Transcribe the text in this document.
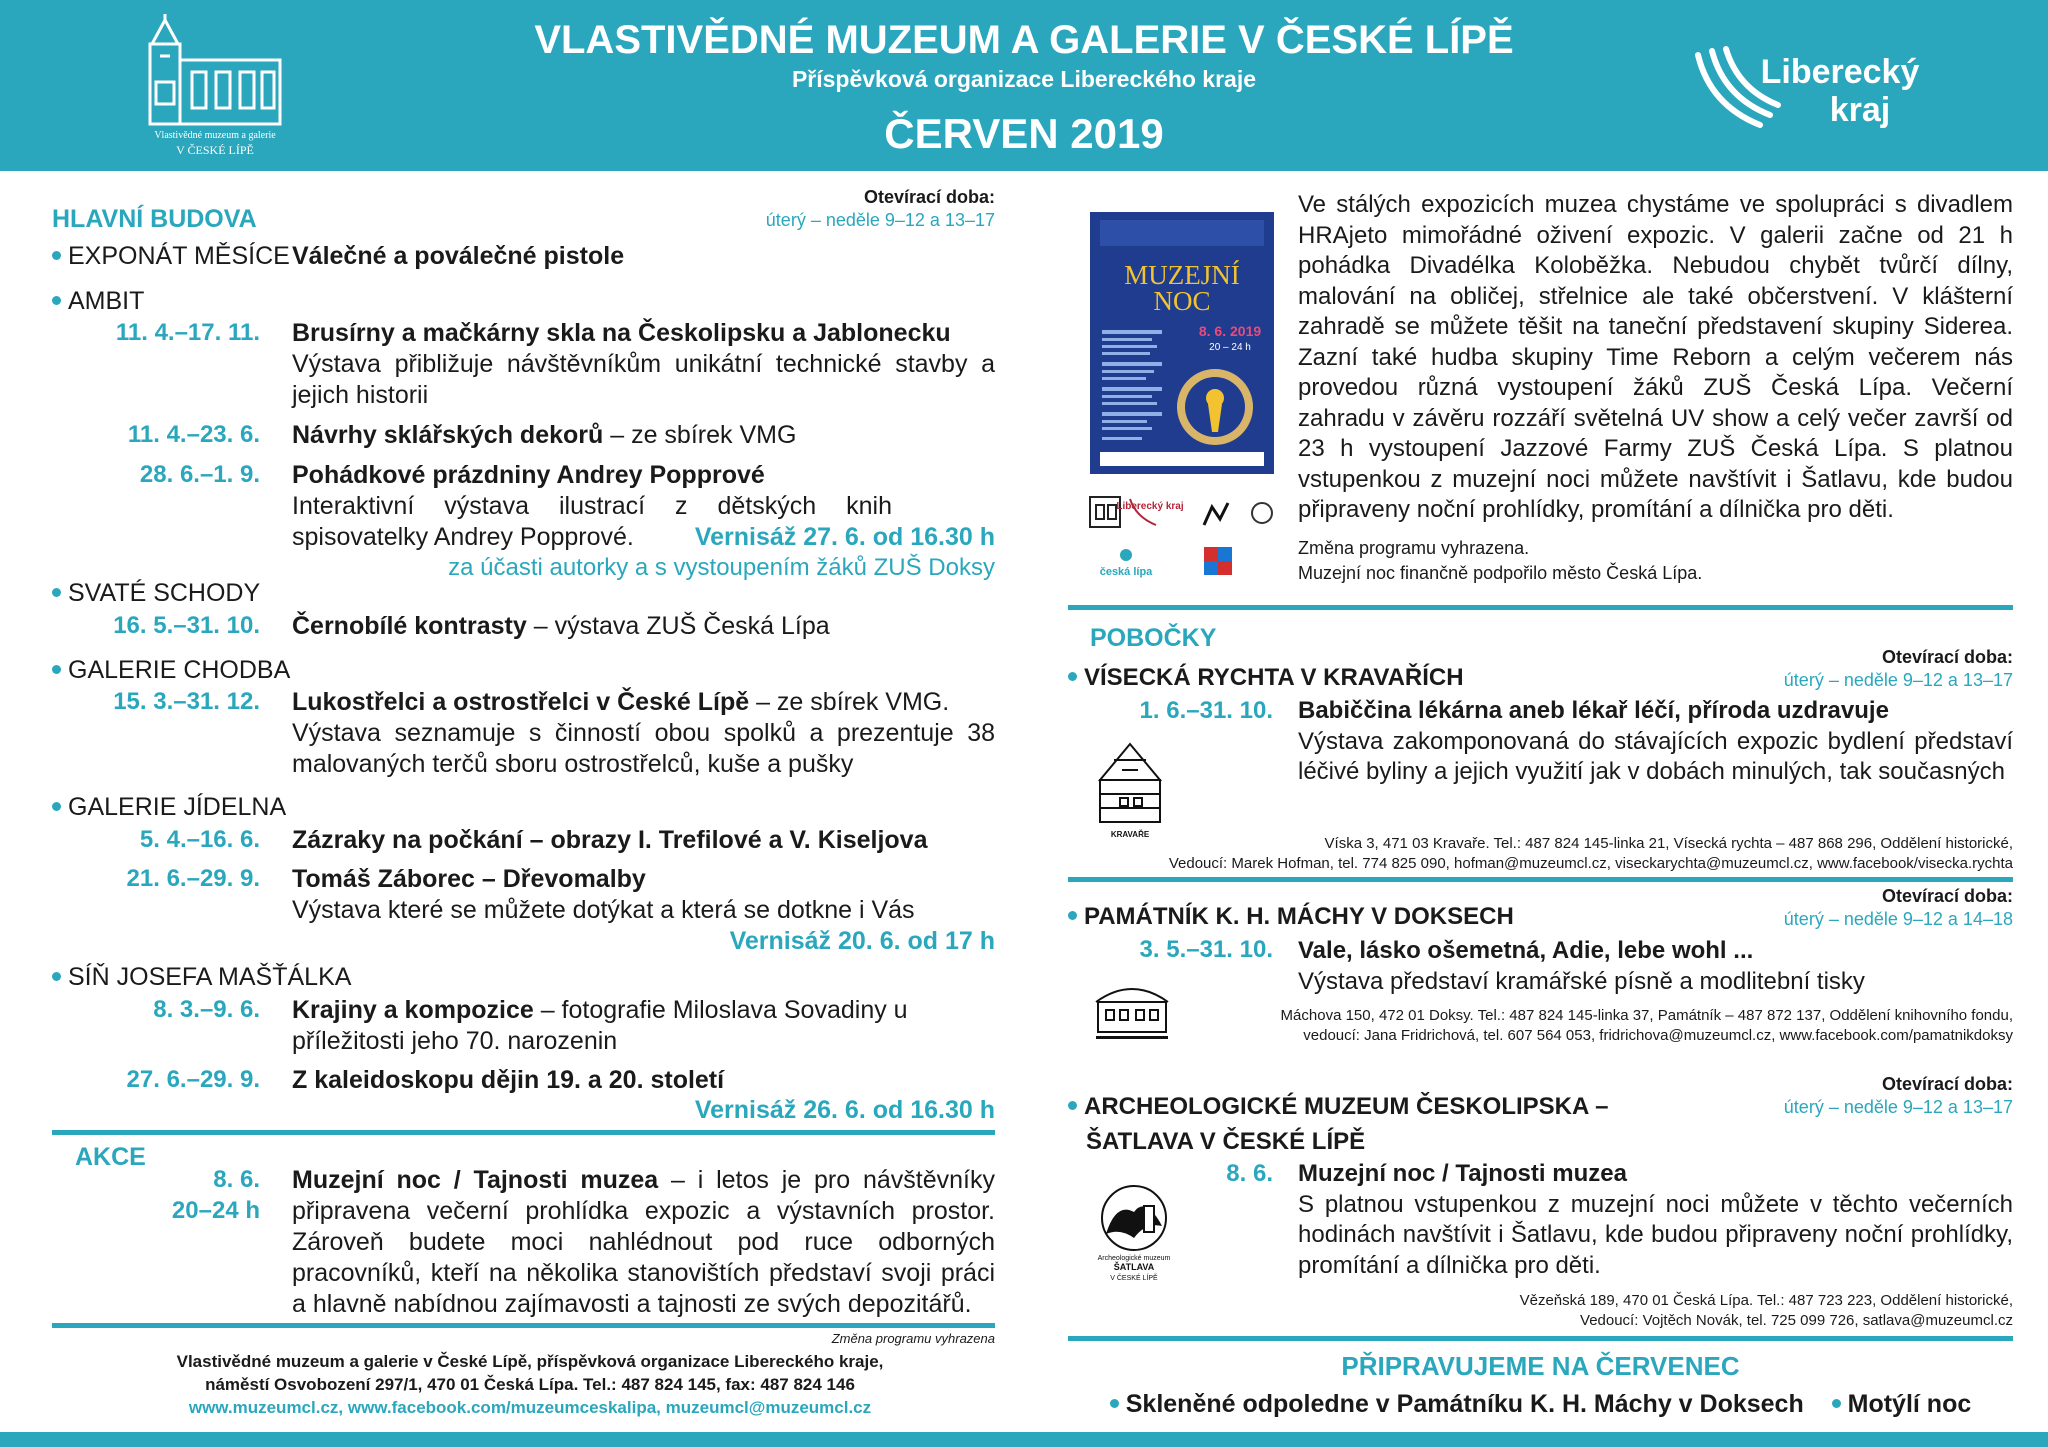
Vlastivědné muzeum a galerie
V ČESKÉ LÍPĚ
VLASTIVĚDNÉ MUZEUM A GALERIE V ČESKÉ LÍPĚ
Příspěvková organizace Libereckého kraje
ČERVEN 2019
Liberecký
kraj
Otevírací doba:
úterý – neděle 9–12 a 13–17
HLAVNÍ BUDOVA
EXPONÁT MĚSÍCE Válečné a poválečné pistole
AMBIT
11. 4.–17. 11. Brusírny a mačkárny skla na Českolipsku a Jablonecku
Výstava přibližuje návštěvníkům unikátní technické stavby a jejich historii
11. 4.–23. 6. Návrhy sklářských dekorů – ze sbírek VMG
28. 6.–1. 9. Pohádkové prázdniny Andrey Popprové
Interaktivní výstava ilustrací z dětských knih spisovatelky Andrey Popprové.	Vernisáž 27. 6. od 16.30 h
za účasti autorky a s vystoupením žáků ZUŠ Doksy
SVATÉ SCHODY
16. 5.–31. 10. Černobílé kontrasty – výstava ZUŠ Česká Lípa
GALERIE CHODBA
15. 3.–31. 12. Lukostřelci a ostrostřelci v České Lípě – ze sbírek VMG.
Výstava seznamuje s činností obou spolků a prezentuje 38 malovaných terčů sboru ostrostřelců, kuše a pušky
GALERIE JÍDELNA
5. 4.–16. 6. Zázraky na počkání – obrazy I. Trefilové a V. Kiseljova
21. 6.–29. 9. Tomáš Záborec – Dřevomalby
Výstava které se můžete dotýkat a která se dotkne i Vás
Vernisáž 20. 6. od 17 h
SÍŇ JOSEFA MAŠŤÁLKA
8. 3.–9. 6. Krajiny a kompozice – fotografie Miloslava Sovadiny u příležitosti jeho 70. narozenin
27. 6.–29. 9. Z kaleidoskopu dějin 19. a 20. století
Vernisáž 26. 6. od 16.30 h
AKCE
8. 6.
20–24 h
Muzejní noc / Tajnosti muzea – i letos je pro návštěvníky připravena večerní prohlídka expozic a výstavních prostor. Zároveň budete moci nahlédnout pod ruce odborných pracovníků, kteří na několika stanovištích představí svoji práci a hlavně nabídnou zajímavosti a tajnosti ze svých depozitářů.
Změna programu vyhrazena
Vlastivědné muzeum a galerie v České Lípě, příspěvková organizace Libereckého kraje,
náměstí Osvobození 297/1, 470 01 Česká Lípa. Tel.: 487 824 145, fax: 487 824 146
www.muzeumcl.cz, www.facebook.com/muzeumceskalipa, muzeumcl@muzeumcl.cz
MUZEJNÍ
NOC
8. 6. 2019
20 – 24 h
Liberecký kraj
česká lípa
Ve stálých expozicích muzea chystáme ve spolupráci s divadlem HRAjeto mimořádné oživení expozic. V galerii začne od 21 h pohádka Divadélka Koloběžka. Nebudou chybět tvůrčí dílny, malování na obličej, střelnice ale také občerstvení. V klášterní zahradě se můžete těšit na taneční představení skupiny Siderea. Zazní také hudba skupiny Time Reborn a celým večerem nás provedou různá vystoupení žáků ZUŠ Česká Lípa. Večerní zahradu v závěru rozzáří světelná UV show a celý večer završí od 23 h vystoupení Jazzové Farmy ZUŠ Česká Lípa. S platnou vstupenkou z muzejní noci můžete navštívit i Šatlavu, kde budou připraveny noční prohlídky, promítání a dílnička pro děti.
Změna programu vyhrazena.
Muzejní noc finančně podpořilo město Česká Lípa.
POBOČKY
Otevírací doba:
úterý – neděle 9–12 a 13–17
VÍSECKÁ RYCHTA V KRAVAŘÍCH
1. 6.–31. 10. Babiččina lékárna aneb lékař léčí, příroda uzdravuje
Výstava zakomponovaná do stávajících expozic bydlení představí léčivé byliny a jejich využití jak v dobách minulých, tak současných
KRAVAŘE
Víska 3, 471 03 Kravaře. Tel.: 487 824 145-linka 21, Vísecká rychta – 487 868 296, Oddělení historické,
Vedoucí: Marek Hofman, tel. 774 825 090, hofman@muzeumcl.cz, viseckarychta@muzeumcl.cz, www.facebook/visecka.rychta
Otevírací doba:
úterý – neděle 9–12 a 14–18
PAMÁTNÍK K. H. MÁCHY V DOKSECH
3. 5.–31. 10. Vale, lásko ošemetná, Adie, lebe wohl ...
Výstava představí kramářské písně a modlitební tisky
Máchova 150, 472 01 Doksy. Tel.: 487 824 145-linka 37, Památník – 487 872 137, Oddělení knihovního fondu,
vedoucí: Jana Fridrichová, tel. 607 564 053, fridrichova@muzeumcl.cz, www.facebook.com/pamatnikdoksy
Otevírací doba:
úterý – neděle 9–12 a 13–17
ARCHEOLOGICKÉ MUZEUM ČESKOLIPSKA –
ŠATLAVA V ČESKÉ LÍPĚ
8. 6. Muzejní noc / Tajnosti muzea
S platnou vstupenkou z muzejní noci můžete v těchto večerních hodinách navštívit i Šatlavu, kde budou připraveny noční prohlídky, promítání a dílnička pro děti.
Archeologické muzeum
ŠATLAVA
V ČESKÉ LÍPĚ
Vězeňská 189, 470 01 Česká Lípa. Tel.: 487 723 223, Oddělení historické,
Vedoucí: Vojtěch Novák, tel. 725 099 726, satlava@muzeumcl.cz
PŘIPRAVUJEME NA ČERVENEC
Skleněné odpoledne v Památníku K. H. Máchy v Doksech Motýlí noc
